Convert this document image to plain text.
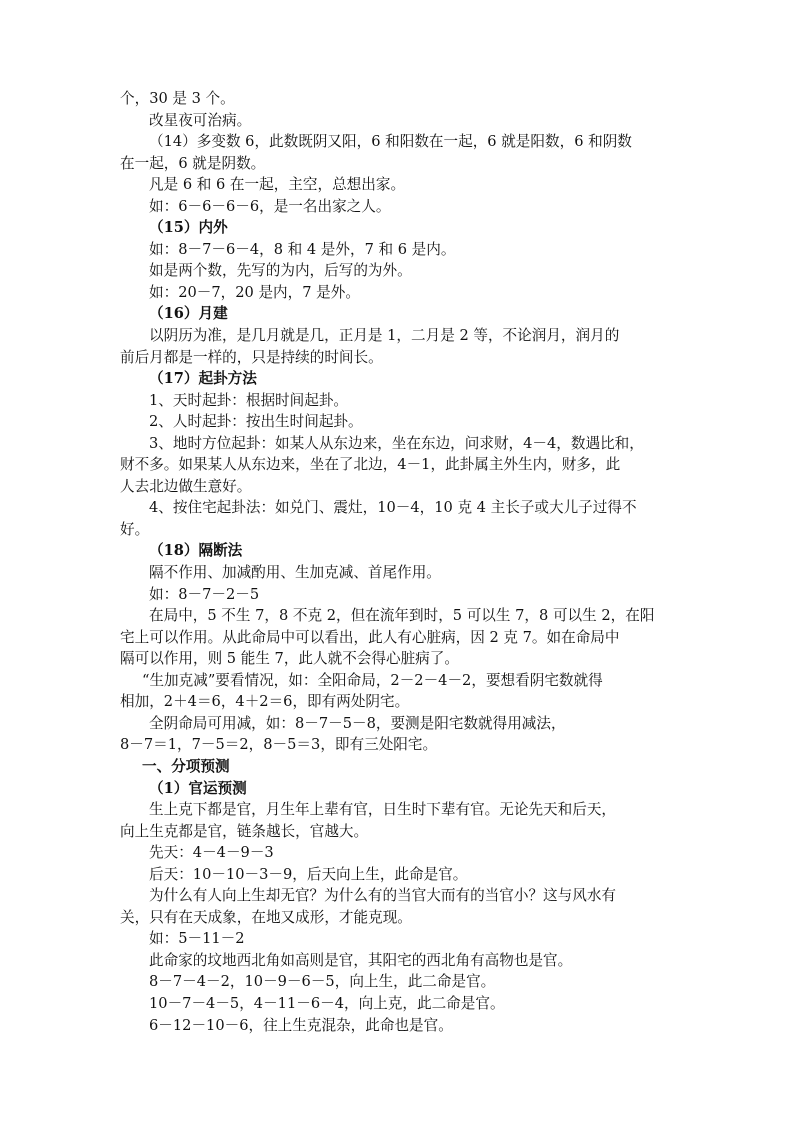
个，30 是 3 个。
改星夜可治病。
（14）多变数 6，此数既阴又阳，6 和阳数在一起，6 就是阳数，6 和阴数
在一起，6 就是阴数。
凡是 6 和 6 在一起，主空，总想出家。
如：6－6－6－6，是一名出家之人。
（15）内外
如：8－7－6－4，8 和 4 是外，7 和 6 是内。
如是两个数，先写的为内，后写的为外。
如：20－7，20 是内，7 是外。
（16）月建
以阴历为准，是几月就是几，正月是 1，二月是 2 等，不论润月，润月的
前后月都是一样的，只是持续的时间长。
（17）起卦方法
1、天时起卦：根据时间起卦。
2、人时起卦：按出生时间起卦。
3、地时方位起卦：如某人从东边来，坐在东边，问求财，4－4，数遇比和，
财不多。如果某人从东边来，坐在了北边，4－1，此卦属主外生内，财多，此
人去北边做生意好。
4、按住宅起卦法：如兑门、震灶，10－4，10 克 4 主长子或大儿子过得不
好。
（18）隔断法
隔不作用、加减酌用、生加克减、首尾作用。
如：8－7－2－5
在局中，5 不生 7，8 不克 2，但在流年到时，5 可以生 7，8 可以生 2，在阳
宅上可以作用。从此命局中可以看出，此人有心脏病，因 2 克 7。如在命局中
隔可以作用，则 5 能生 7，此人就不会得心脏病了。
“生加克减”要看情况，如：全阳命局，2－2－4－2，要想看阴宅数就得
相加，2＋4＝6，4＋2＝6，即有两处阴宅。
全阴命局可用减，如：8－7－5－8，要测是阳宅数就得用减法，
8－7＝1，7－5＝2，8－5＝3，即有三处阳宅。
一、分项预测
（1）官运预测
生上克下都是官，月生年上辈有官，日生时下辈有官。无论先天和后天，
向上生克都是官，链条越长，官越大。
先天：4－4－9－3
后天：10－10－3－9，后天向上生，此命是官。
为什么有人向上生却无官？为什么有的当官大而有的当官小？这与风水有
关，只有在天成象，在地又成形，才能克现。
如：5－11－2
此命家的坟地西北角如高则是官，其阳宅的西北角有高物也是官。
8－7－4－2，10－9－6－5，向上生，此二命是官。
10－7－4－5，4－11－6－4，向上克，此二命是官。
6－12－10－6，往上生克混杂，此命也是官。
